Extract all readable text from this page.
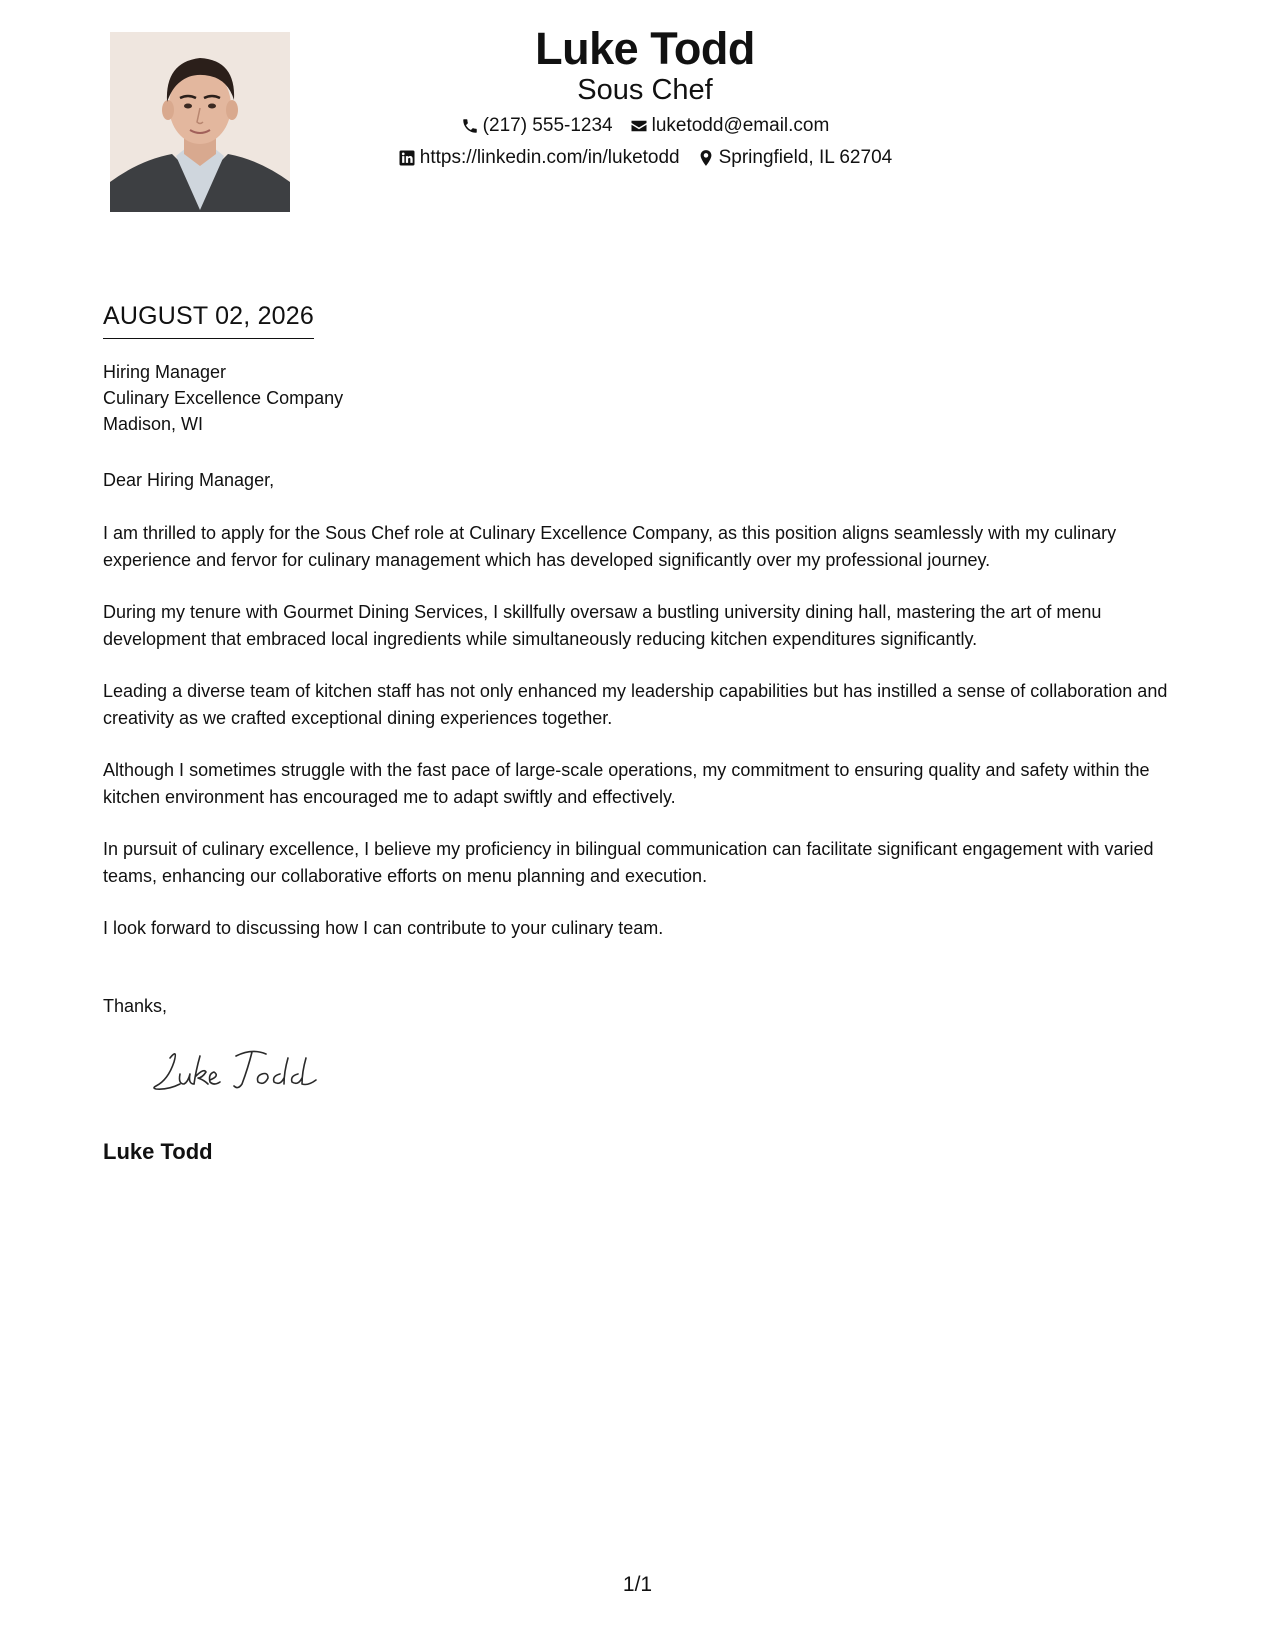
Luke Todd
Sous Chef
(217) 555-1234 luketodd@email.com
https://linkedin.com/in/luketodd Springfield, IL 62704
AUGUST 02, 2026
Hiring Manager
Culinary Excellence Company
Madison, WI
Dear Hiring Manager,

I am thrilled to apply for the Sous Chef role at Culinary Excellence Company, as this position aligns seamlessly with my culinary experience and fervor for culinary management which has developed significantly over my professional journey.

During my tenure with Gourmet Dining Services, I skillfully oversaw a bustling university dining hall, mastering the art of menu development that embraced local ingredients while simultaneously reducing kitchen expenditures significantly.

Leading a diverse team of kitchen staff has not only enhanced my leadership capabilities but has instilled a sense of collaboration and creativity as we crafted exceptional dining experiences together.

Although I sometimes struggle with the fast pace of large-scale operations, my commitment to ensuring quality and safety within the kitchen environment has encouraged me to adapt swiftly and effectively.

In pursuit of culinary excellence, I believe my proficiency in bilingual communication can facilitate significant engagement with varied teams, enhancing our collaborative efforts on menu planning and execution.

I look forward to discussing how I can contribute to your culinary team.

Thanks,
Luke Todd
1/1
